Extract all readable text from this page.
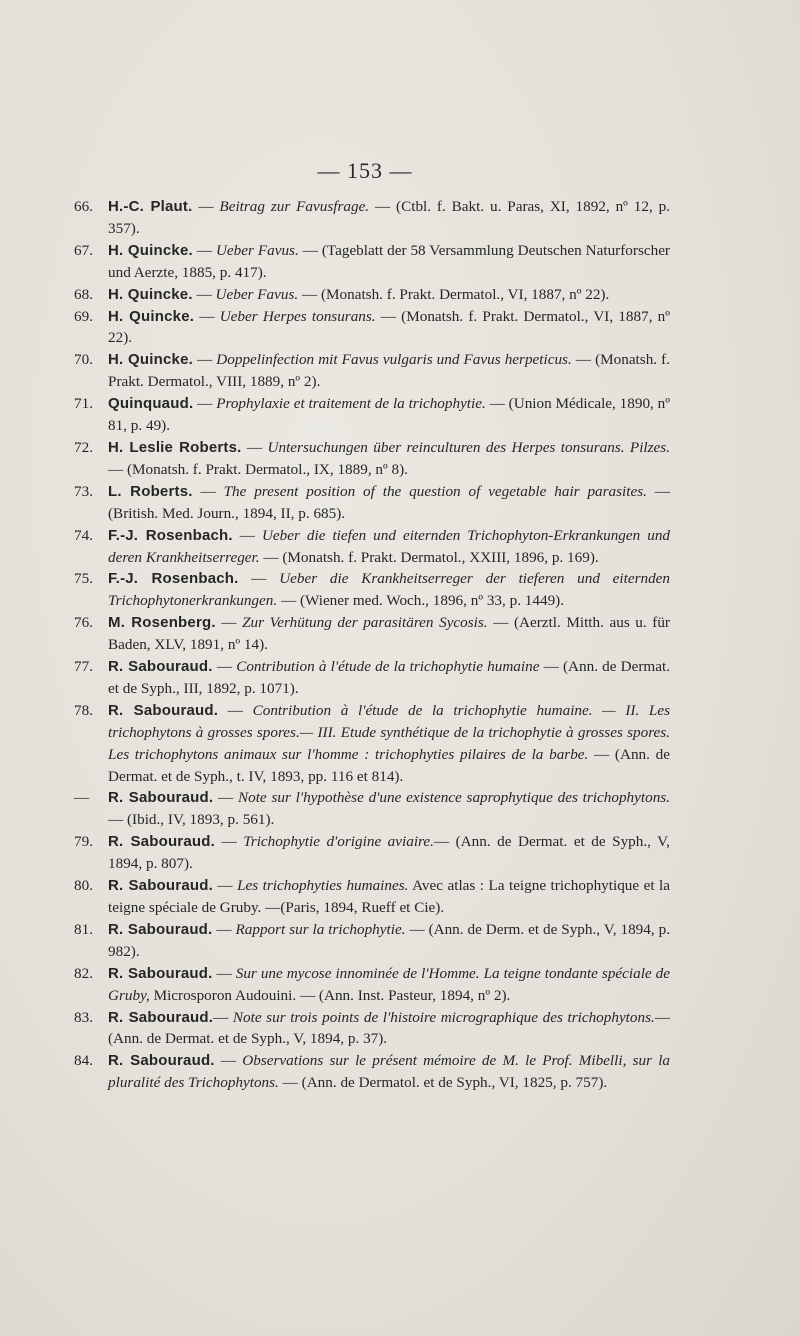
— 153 —
66.	H.-C. Plaut. — Beitrag zur Favusfrage. — (Ctbl. f. Bakt. u. Paras, XI, 1892, nº 12, p. 357).
67.	H. Quincke. — Ueber Favus. — (Tageblatt der 58 Versammlung Deutschen Naturforscher und Aerzte, 1885, p. 417).
68.	H. Quincke. — Ueber Favus. — (Monatsh. f. Prakt. Dermatol., VI, 1887, nº 22).
69.	H. Quincke. — Ueber Herpes tonsurans. — (Monatsh. f. Prakt. Dermatol., VI, 1887, nº 22).
70.	H. Quincke. — Doppelinfection mit Favus vulgaris und Favus herpeticus. — (Monatsh. f. Prakt. Dermatol., VIII, 1889, nº 2).
71.	Quinquaud. — Prophylaxie et traitement de la trichophytie. — (Union Médicale, 1890, nº 81, p. 49).
72.	H. Leslie Roberts. — Untersuchungen über reinculturen des Herpes tonsurans. Pilzes. — (Monatsh. f. Prakt. Dermatol., IX, 1889, nº 8).
73.	L. Roberts. — The present position of the question of vegetable hair parasites. — (British. Med. Journ., 1894, II, p. 685).
74.	F.-J. Rosenbach. — Ueber die tiefen und eiternden Trichophyton-Erkrankungen und deren Krankheitserreger. — (Monatsh. f. Prakt. Dermatol., XXIII, 1896, p. 169).
75.	F.-J. Rosenbach. — Ueber die Krankheitserreger der tieferen und eiternden Trichophytonerkrankungen. — (Wiener med. Woch., 1896, nº 33, p. 1449).
76.	M. Rosenberg. — Zur Verhütung der parasitären Sycosis. — (Aerztl. Mitth. aus u. für Baden, XLV, 1891, nº 14).
77.	R. Sabouraud. — Contribution à l'étude de la trichophytie humaine — (Ann. de Dermat. et de Syph., III, 1892, p. 1071).
78.	R. Sabouraud. — Contribution à l'étude de la trichophytie humaine. — II. Les trichophytons à grosses spores.— III. Etude synthétique de la trichophytie à grosses spores. Les trichophytons animaux sur l'homme : trichophyties pilaires de la barbe. — (Ann. de Dermat. et de Syph., t. IV, 1893, pp. 116 et 814).
—	R. Sabouraud. — Note sur l'hypothèse d'une existence saprophytique des trichophytons. — (Ibid., IV, 1893, p. 561).
79.	R. Sabouraud. — Trichophytie d'origine aviaire.— (Ann. de Dermat. et de Syph., V, 1894, p. 807).
80.	R. Sabouraud. — Les trichophyties humaines. Avec atlas : La teigne trichophytique et la teigne spéciale de Gruby. —(Paris, 1894, Rueff et Cie).
81.	R. Sabouraud. — Rapport sur la trichophytie. — (Ann. de Derm. et de Syph., V, 1894, p. 982).
82.	R. Sabouraud. — Sur une mycose innominée de l'Homme. La teigne tondante spéciale de Gruby, Microsporon Audouini. — (Ann. Inst. Pasteur, 1894, nº 2).
83.	R. Sabouraud.— Note sur trois points de l'histoire micrographique des trichophytons.— (Ann. de Dermat. et de Syph., V, 1894, p. 37).
84.	R. Sabouraud. — Observations sur le présent mémoire de M. le Prof. Mibelli, sur la pluralité des Trichophytons. — (Ann. de Dermatol. et de Syph., VI, 1825, p. 757).
